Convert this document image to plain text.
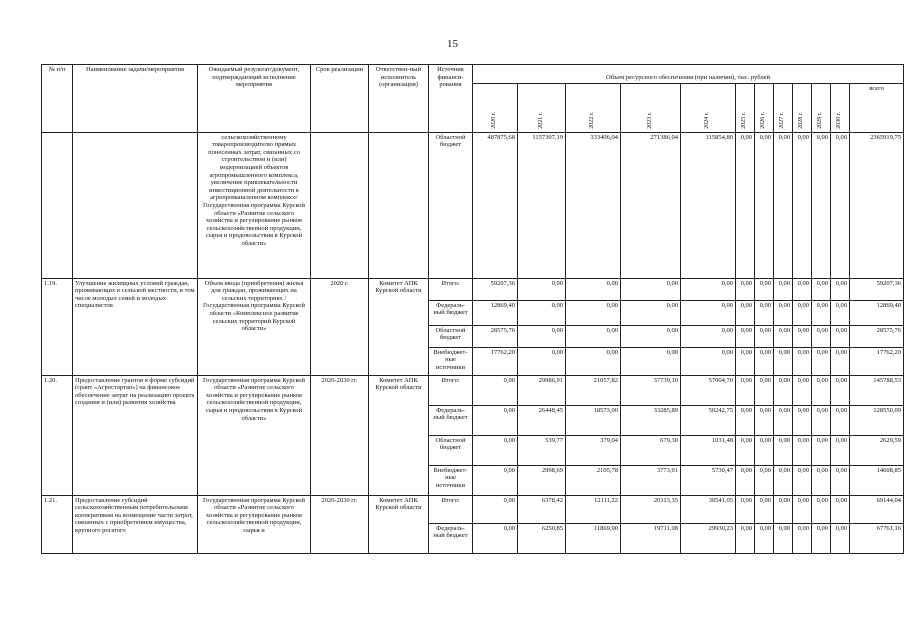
15
№ п/п	Наименование задачи/мероприятия	Ожидаемый результат/документ, подтверждающий исполнение мероприятия	Срок реализации	Ответствен-ный исполнитель (организация)	Источник финанси-рования	Объем ресурсного обеспечения (при наличии), тыс. рублей											
						2020 г.	2021 г.	2022 г.	2023 г.	2024 г.	2025 г.	2026 г.	2027 г.	2028 г.	2029 г.	2030 г.	всего
		сельскохозяйственному товаропроизводителю прямых понесенных затрат, связанных со строительством и (или) модернизацией объектов агропромышленного комплекса, увеличение привлекательности инвестиционной деятельности в агропромышленном комплексе/Государственная программа Курской области «Развитие сельского хозяйства и регулирование рынков сельскохозяйственной продукции, сырья и продовольствия в Курской области»			Областной бюджет	487875,68	1157397,19	333406,04	271386,04	115854,80	0,00	0,00	0,00	0,00	0,00	0,00	2365919,75
1.19.	Улучшение жилищных условий граждан, проживающих в сельской местности, в том числе молодых семей и молодых специалистов	Объем ввода (приобретения) жилья для граждан, проживающих на сельских территориях / Государственная программа Курской области «Комплексное развитие сельских территорий Курской области»	2020 г.	Комитет АПК Курской области	Итого:	59207,36	0,00	0,00	0,00	0,00	0,00	0,00	0,00	0,00	0,00	0,00	59207,36
					Федераль-ный бюджет	12869,40	0,00	0,00	0,00	0,00	0,00	0,00	0,00	0,00	0,00	0,00	12869,40
					Областной бюджет	28575,76	0,00	0,00	0,00	0,00	0,00	0,00	0,00	0,00	0,00	0,00	28575,76
					Внебюджет-ные источники	17762,20	0,00	0,00	0,00	0,00	0,00	0,00	0,00	0,00	0,00	0,00	17762,20
1.20.	Предоставление грантов в форме субсидий (грант «Агростартап») на финансовое обеспечение затрат на реализацию проекта создания и (или) развития хозяйства	Государственная программа Курской области «Развитие сельского хозяйства и регулирование рынков сельскохозяйственной продукции, сырья и продовольствия в Курской области»	2020-2030 гг.	Комитет АПК Курской области	Итого:	0,00	29986,91	21057,82	37739,10	57004,70	0,00	0,00	0,00	0,00	0,00	0,00	145788,53
					Федераль-ный бюджет	0,00	26448,45	18573,00	33285,89	50242,75	0,00	0,00	0,00	0,00	0,00	0,00	128550,09
					Областной бюджет	0,00	539,77	379,04	679,30	1031,48	0,00	0,00	0,00	0,00	0,00	0,00	2629,59
					Внебюджет-ные источники	0,00	2998,69	2105,78	3773,91	5730,47	0,00	0,00	0,00	0,00	0,00	0,00	14608,85
1.21.	Предоставление субсидий сельскохозяйственным потребительским кооперативам на возмещение части затрат, связанных с приобретением имущества, крупного рогатого	Государственная программа Курской области «Развитие сельского хозяйства и регулирование рынков сельскохозяйственной продукции, сырья и	2020-2030 гг.	Комитет АПК Курской области	Итого:	0,00	6378,42	12111,22	20113,35	30541,05	0,00	0,00	0,00	0,00	0,00	0,00	69144,04
					Федераль-ный бюджет	0,00	6250,85	11869,00	19711,08	29930,23	0,00	0,00	0,00	0,00	0,00	0,00	67761,16
